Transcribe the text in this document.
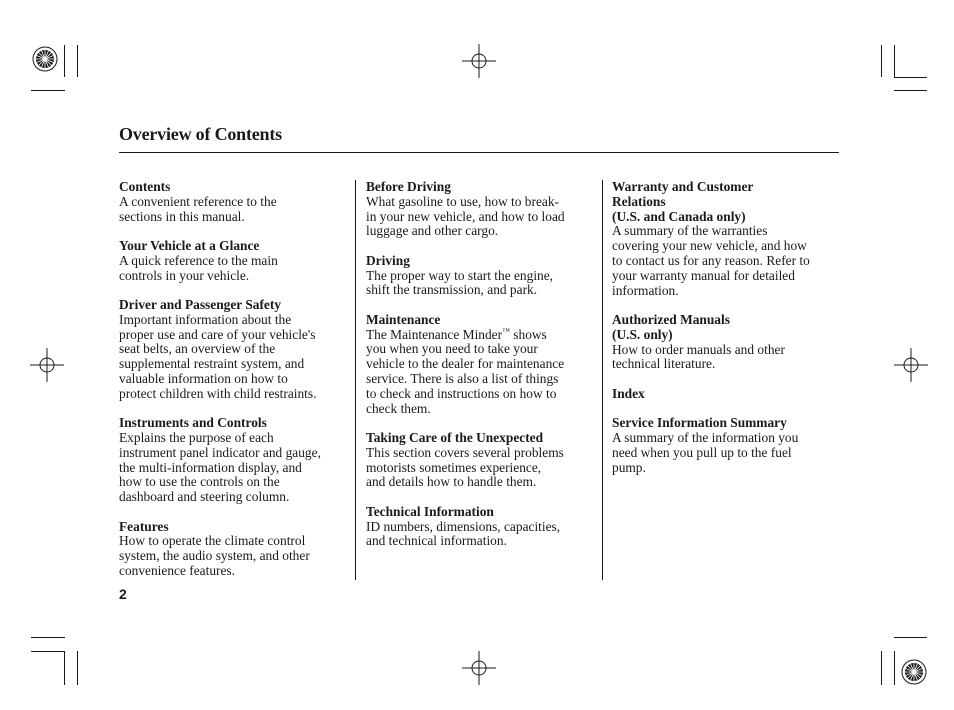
Overview of Contents

Contents

A convenient reference to the
sections in this manual.

Your Vehicle at a Glance

A quick reference to the main
controls in your vehicle.

Driver and Passenger Safety

Important information about the
proper use and care of your vehicle's
seat belts, an overview of the
supplemental restraint system, and
valuable information on how to
protect children with child restraints.

Instruments and Controls

Explains the purpose of each
instrument panel indicator and gauge,
the multi-information display, and
how to use the controls on the
dashboard and steering column.

Features

How to operate the climate control
system, the audio system, and other
convenience features.

Before Driving

What gasoline to use, how to break-
in your new vehicle, and how to load
luggage and other cargo.

Driving

The proper way to start the engine,
shift the transmission, and park.

Maintenance

The Maintenance Minder™ shows
you when you need to take your
vehicle to the dealer for maintenance
service. There is also a list of things
to check and instructions on how to
check them.

Taking Care of the Unexpected

This section covers several problems
motorists sometimes experience,
and details how to handle them.

Technical Information

ID numbers, dimensions, capacities,
and technical information.

Warranty and Customer
Relations
(U.S. and Canada only)

A summary of the warranties
covering your new vehicle, and how
to contact us for any reason. Refer to
your warranty manual for detailed
information.

Authorized Manuals
(U.S. only)

How to order manuals and other
technical literature.

Index

Service Information Summary

A summary of the information you
need when you pull up to the fuel
pump.

2
